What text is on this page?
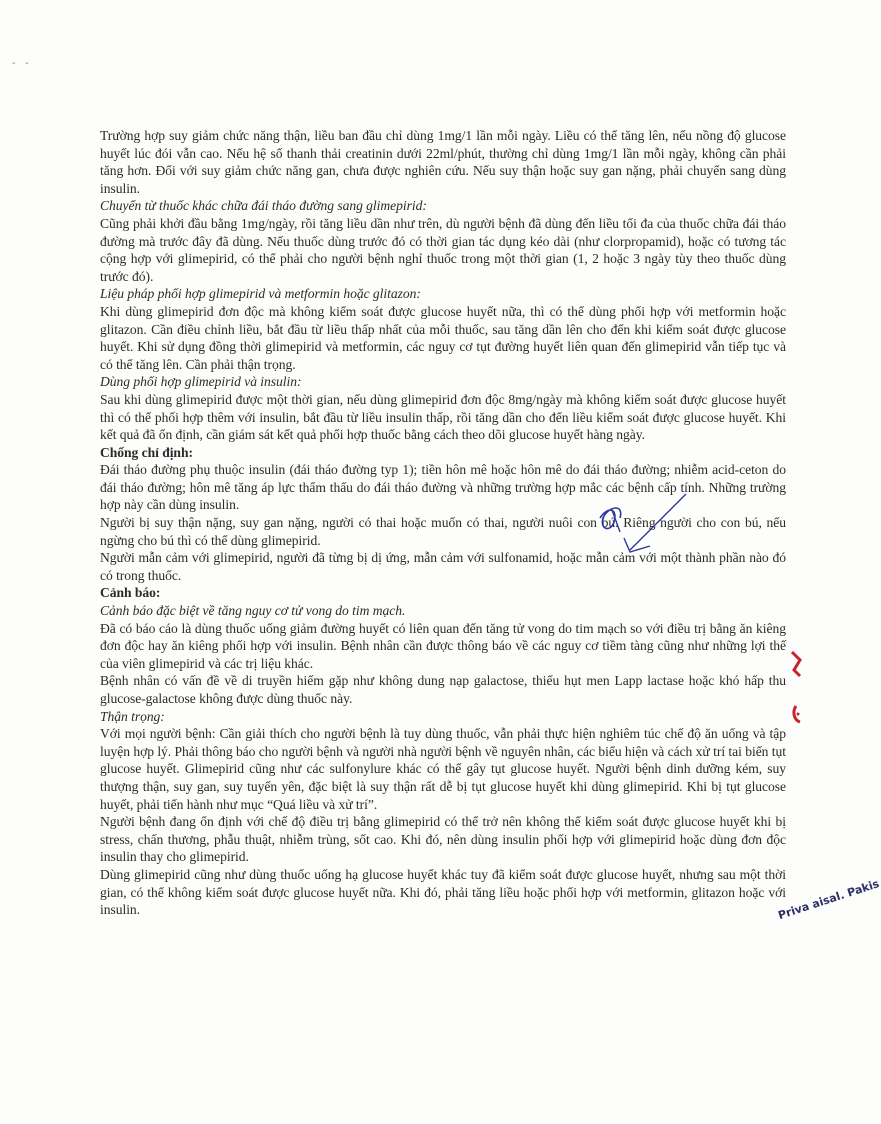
-   -

Trường hợp suy giảm chức năng thận, liều ban đầu chỉ dùng 1mg/1 lần mỗi ngày. Liều có thể tăng lên, nếu nồng độ glucose huyết lúc đói vẫn cao. Nếu hệ số thanh thải creatinin dưới 22ml/phút, thường chỉ dùng 1mg/1 lần mỗi ngày, không cần phải tăng hơn. Đối với suy giảm chức năng gan, chưa được nghiên cứu. Nếu suy thận hoặc suy gan nặng, phải chuyển sang dùng insulin.

Chuyển từ thuốc khác chữa đái tháo đường sang glimepirid:

Cũng phải khởi đầu bằng 1mg/ngày, rồi tăng liều dần như trên, dù người bệnh đã dùng đến liều tối đa của thuốc chữa đái tháo đường mà trước đây đã dùng. Nếu thuốc dùng trước đó có thời gian tác dụng kéo dài (như clorpropamid), hoặc có tương tác cộng hợp với glimepirid, có thể phải cho người bệnh nghỉ thuốc trong một thời gian (1, 2 hoặc 3 ngày tùy theo thuốc dùng trước đó).

Liệu pháp phối hợp glimepirid và metformin hoặc glitazon:

Khi dùng glimepirid đơn độc mà không kiểm soát được glucose huyết nữa, thì có thể dùng phối hợp với metformin hoặc glitazon. Cần điều chỉnh liều, bắt đầu từ liều thấp nhất của mỗi thuốc, sau tăng dần lên cho đến khi kiểm soát được glucose huyết. Khi sử dụng đồng thời glimepirid và metformin, các nguy cơ tụt đường huyết liên quan đến glimepirid vẫn tiếp tục và có thể tăng lên. Cần phải thận trọng.

Dùng phối hợp glimepirid và insulin:

Sau khi dùng glimepirid được một thời gian, nếu dùng glimepirid đơn độc 8mg/ngày mà không kiểm soát được glucose huyết thì có thể phối hợp thêm với insulin, bắt đầu từ liều insulin thấp, rồi tăng dần cho đến liều kiểm soát được glucose huyết. Khi kết quả đã ổn định, cần giám sát kết quả phối hợp thuốc bằng cách theo dõi glucose huyết hàng ngày.

Chống chỉ định:

Đái tháo đường phụ thuộc insulin (đái tháo đường typ 1); tiền hôn mê hoặc hôn mê do đái tháo đường; nhiễm acid-ceton do đái tháo đường; hôn mê tăng áp lực thẩm thấu do đái tháo đường và những trường hợp mắc các bệnh cấp tính. Những trường hợp này cần dùng insulin.

Người bị suy thận nặng, suy gan nặng, người có thai hoặc muốn có thai, người nuôi con bú. Riêng người cho con bú, nếu ngừng cho bú thì có thể dùng glimepirid.

Người mẫn cảm với glimepirid, người đã từng bị dị ứng, mẫn cảm với sulfonamid, hoặc mẫn cảm với một thành phần nào đó có trong thuốc.

Cảnh báo:

Cảnh báo đặc biệt về tăng nguy cơ tử vong do tim mạch.

Đã có báo cáo là dùng thuốc uống giảm đường huyết có liên quan đến tăng tử vong do tim mạch so với điều trị bằng ăn kiêng đơn độc hay ăn kiêng phối hợp với insulin. Bệnh nhân cần được thông báo về các nguy cơ tiềm tàng cũng như những lợi thế của viên glimepirid và các trị liệu khác.

Bệnh nhân có vấn đề về di truyền hiếm gặp như không dung nạp galactose, thiếu hụt men Lapp lactase hoặc khó hấp thu glucose-galactose không được dùng thuốc này.

Thận trọng:

Với mọi người bệnh: Cần giải thích cho người bệnh là tuy dùng thuốc, vẫn phải thực hiện nghiêm túc chế độ ăn uống và tập luyện hợp lý. Phải thông báo cho người bệnh và người nhà người bệnh về nguyên nhân, các biểu hiện và cách xử trí tai biến tụt glucose huyết. Glimepirid cũng như các sulfonylure khác có thể gây tụt glucose huyết. Người bệnh dinh dưỡng kém, suy thượng thận, suy gan, suy tuyến yên, đặc biệt là suy thận rất dễ bị tụt glucose huyết khi dùng glimepirid. Khi bị tụt glucose huyết, phải tiến hành như mục “Quá liều và xử trí”.

Người bệnh đang ổn định với chế độ điều trị bằng glimepirid có thể trở nên không thể kiểm soát được glucose huyết khi bị stress, chấn thương, phẫu thuật, nhiễm trùng, sốt cao. Khi đó, nên dùng insulin phối hợp với glimepirid hoặc dùng đơn độc insulin thay cho glimepirid.

Dùng glimepirid cũng như dùng thuốc uống hạ glucose huyết khác tuy đã kiểm soát được glucose huyết, nhưng sau một thời gian, có thể không kiểm soát được glucose huyết nữa. Khi đó, phải tăng liều hoặc phối hợp với metformin, glitazon hoặc với insulin.	Priva aisal. Pakis
